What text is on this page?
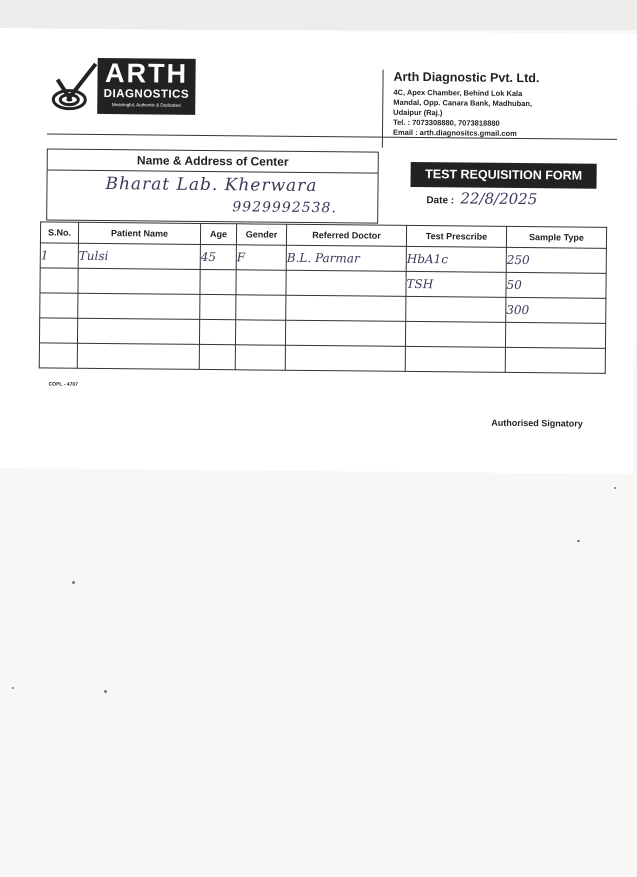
ARTH
DIAGNOSTICS
Meaningful, Authentic & Dedicated
Arth Diagnostic Pvt. Ltd.
4C, Apex Chamber, Behind Lok Kala
Mandal, Opp. Canara Bank, Madhuban,
Udaipur (Raj.)
Tel. : 7073308880, 7073818880
Email : arth.diagnositcs.gmail.com
Name & Address of Center
Bharat Lab. Kherwara
9929992538.
TEST REQUISITION FORM
Date : 22/8/2025
S.No.	Patient Name	Age	Gender	Referred Doctor	Test Prescribe	Sample Type
1	Tulsi	45	F	B.L. Parmar	HbA1c	250
					TSH	50
						300

COPL - 4707
Authorised Signatory
